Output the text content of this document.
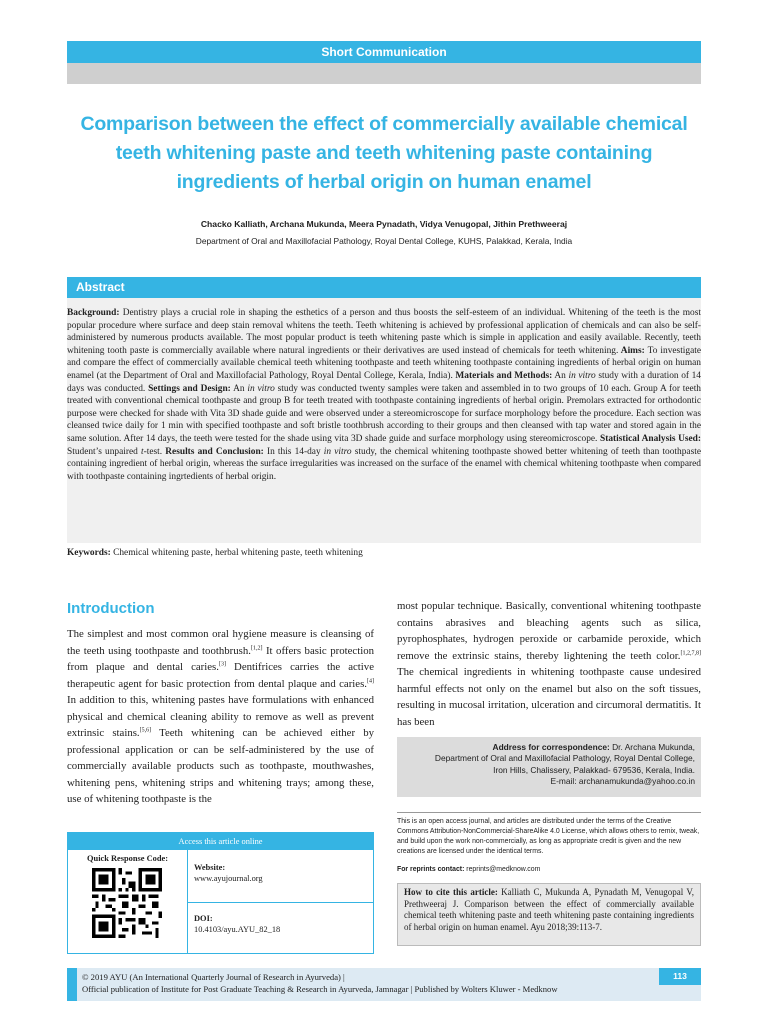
Short Communication
Comparison between the effect of commercially available chemical teeth whitening paste and teeth whitening paste containing ingredients of herbal origin on human enamel
Chacko Kalliath, Archana Mukunda, Meera Pynadath, Vidya Venugopal, Jithin Prethweeraj
Department of Oral and Maxillofacial Pathology, Royal Dental College, KUHS, Palakkad, Kerala, India
Abstract

Background: Dentistry plays a crucial role in shaping the esthetics of a person and thus boosts the self-esteem of an individual. Whitening of the teeth is the most popular procedure where surface and deep stain removal whitens the teeth. Teeth whitening is achieved by professional application of chemicals and can also be self-administered by numerous products available. The most popular product is teeth whitening paste which is simple in application and easily available. Recently, teeth whitening tooth paste is commercially available where natural ingredients or their derivatives are used instead of chemicals for teeth whitening. Aims: To investigate and compare the effect of commercially available chemical teeth whitening toothpaste and teeth whitening toothpaste containing ingredients of herbal origin on human enamel (at the Department of Oral and Maxillofacial Pathology, Royal Dental College, Kerala, India). Materials and Methods: An in vitro study with a duration of 14 days was conducted. Settings and Design: An in vitro study was conducted twenty samples were taken and assembled in to two groups of 10 each. Group A for teeth treated with conventional chemical toothpaste and group B for teeth treated with toothpaste containing ingredients of herbal origin. Premolars extracted for orthodontic purpose were checked for shade with Vita 3D shade guide and were observed under a stereomicroscope for surface morphology before the procedure. Each section was cleansed twice daily for 1 min with specified toothpaste and soft bristle toothbrush according to their groups and then cleansed with tap water and stored again in the same solution. After 14 days, the teeth were tested for the shade using vita 3D shade guide and surface morphology using stereomicroscope. Statistical Analysis Used: Student’s unpaired t-test. Results and Conclusion: In this 14-day in vitro study, the chemical whitening toothpaste showed better whitening of teeth than toothpaste containing ingredient of herbal origin, whereas the surface irregularities was increased on the surface of the enamel with chemical whitening toothpaste when compared with toothpaste containing ingrtedients of herbal origin.

Keywords: Chemical whitening paste, herbal whitening paste, teeth whitening

Introduction

The simplest and most common oral hygiene measure is cleansing of the teeth using toothpaste and toothbrush.[1,2] It offers basic protection from plaque and dental caries.[3] Dentifrices carries the active therapeutic agent for basic protection from dental plaque and caries.[4] In addition to this, whitening pastes have formulations with enhanced physical and chemical cleaning ability to remove as well as prevent extrinsic stains.[5,6] Teeth whitening can be achieved either by professional application or can be self-administered by the use of commercially available products such as toothpaste, mouthwashes, whitening pens, whitening strips and whitening trays; among these, use of whitening toothpaste is the

most popular technique. Basically, conventional whitening toothpaste contains abrasives and bleaching agents such as silica, pyrophosphates, hydrogen peroxide or carbamide peroxide, which remove the extrinsic stains, thereby lightening the teeth color.[1,2,7,8] The chemical ingredients in whitening toothpaste cause undesired harmful effects not only on the enamel but also on the soft tissues, resulting in mucosal irritation, ulceration and circumoral dermatitis. It has been

Address for correspondence: Dr. Archana Mukunda,
Department of Oral and Maxillofacial Pathology, Royal Dental College,
Iron Hills, Chalissery, Palakkad- 679536, Kerala, India.
E-mail: archanamukunda@yahoo.co.in
This is an open access journal, and articles are distributed under the terms of the Creative Commons Attribution-NonCommercial-ShareAlike 4.0 License, which allows others to remix, tweak, and build upon the work non-commercially, as long as appropriate credit is given and the new creations are licensed under the identical terms.
For reprints contact: reprints@medknow.com
How to cite this article: Kalliath C, Mukunda A, Pynadath M, Venugopal V, Prethweeraj J. Comparison between the effect of commercially available chemical teeth whitening paste and teeth whitening paste containing ingredients of herbal origin on human enamel. Ayu 2018;39:113-7.
Access this article online
Quick Response Code:
Website:
www.ayujournal.org
DOI:
10.4103/ayu.AYU_82_18
© 2019 AYU (An International Quarterly Journal of Research in Ayurveda) |
Official publication of Institute for Post Graduate Teaching & Research in Ayurveda, Jamnagar | Published by Wolters Kluwer - Medknow
113
